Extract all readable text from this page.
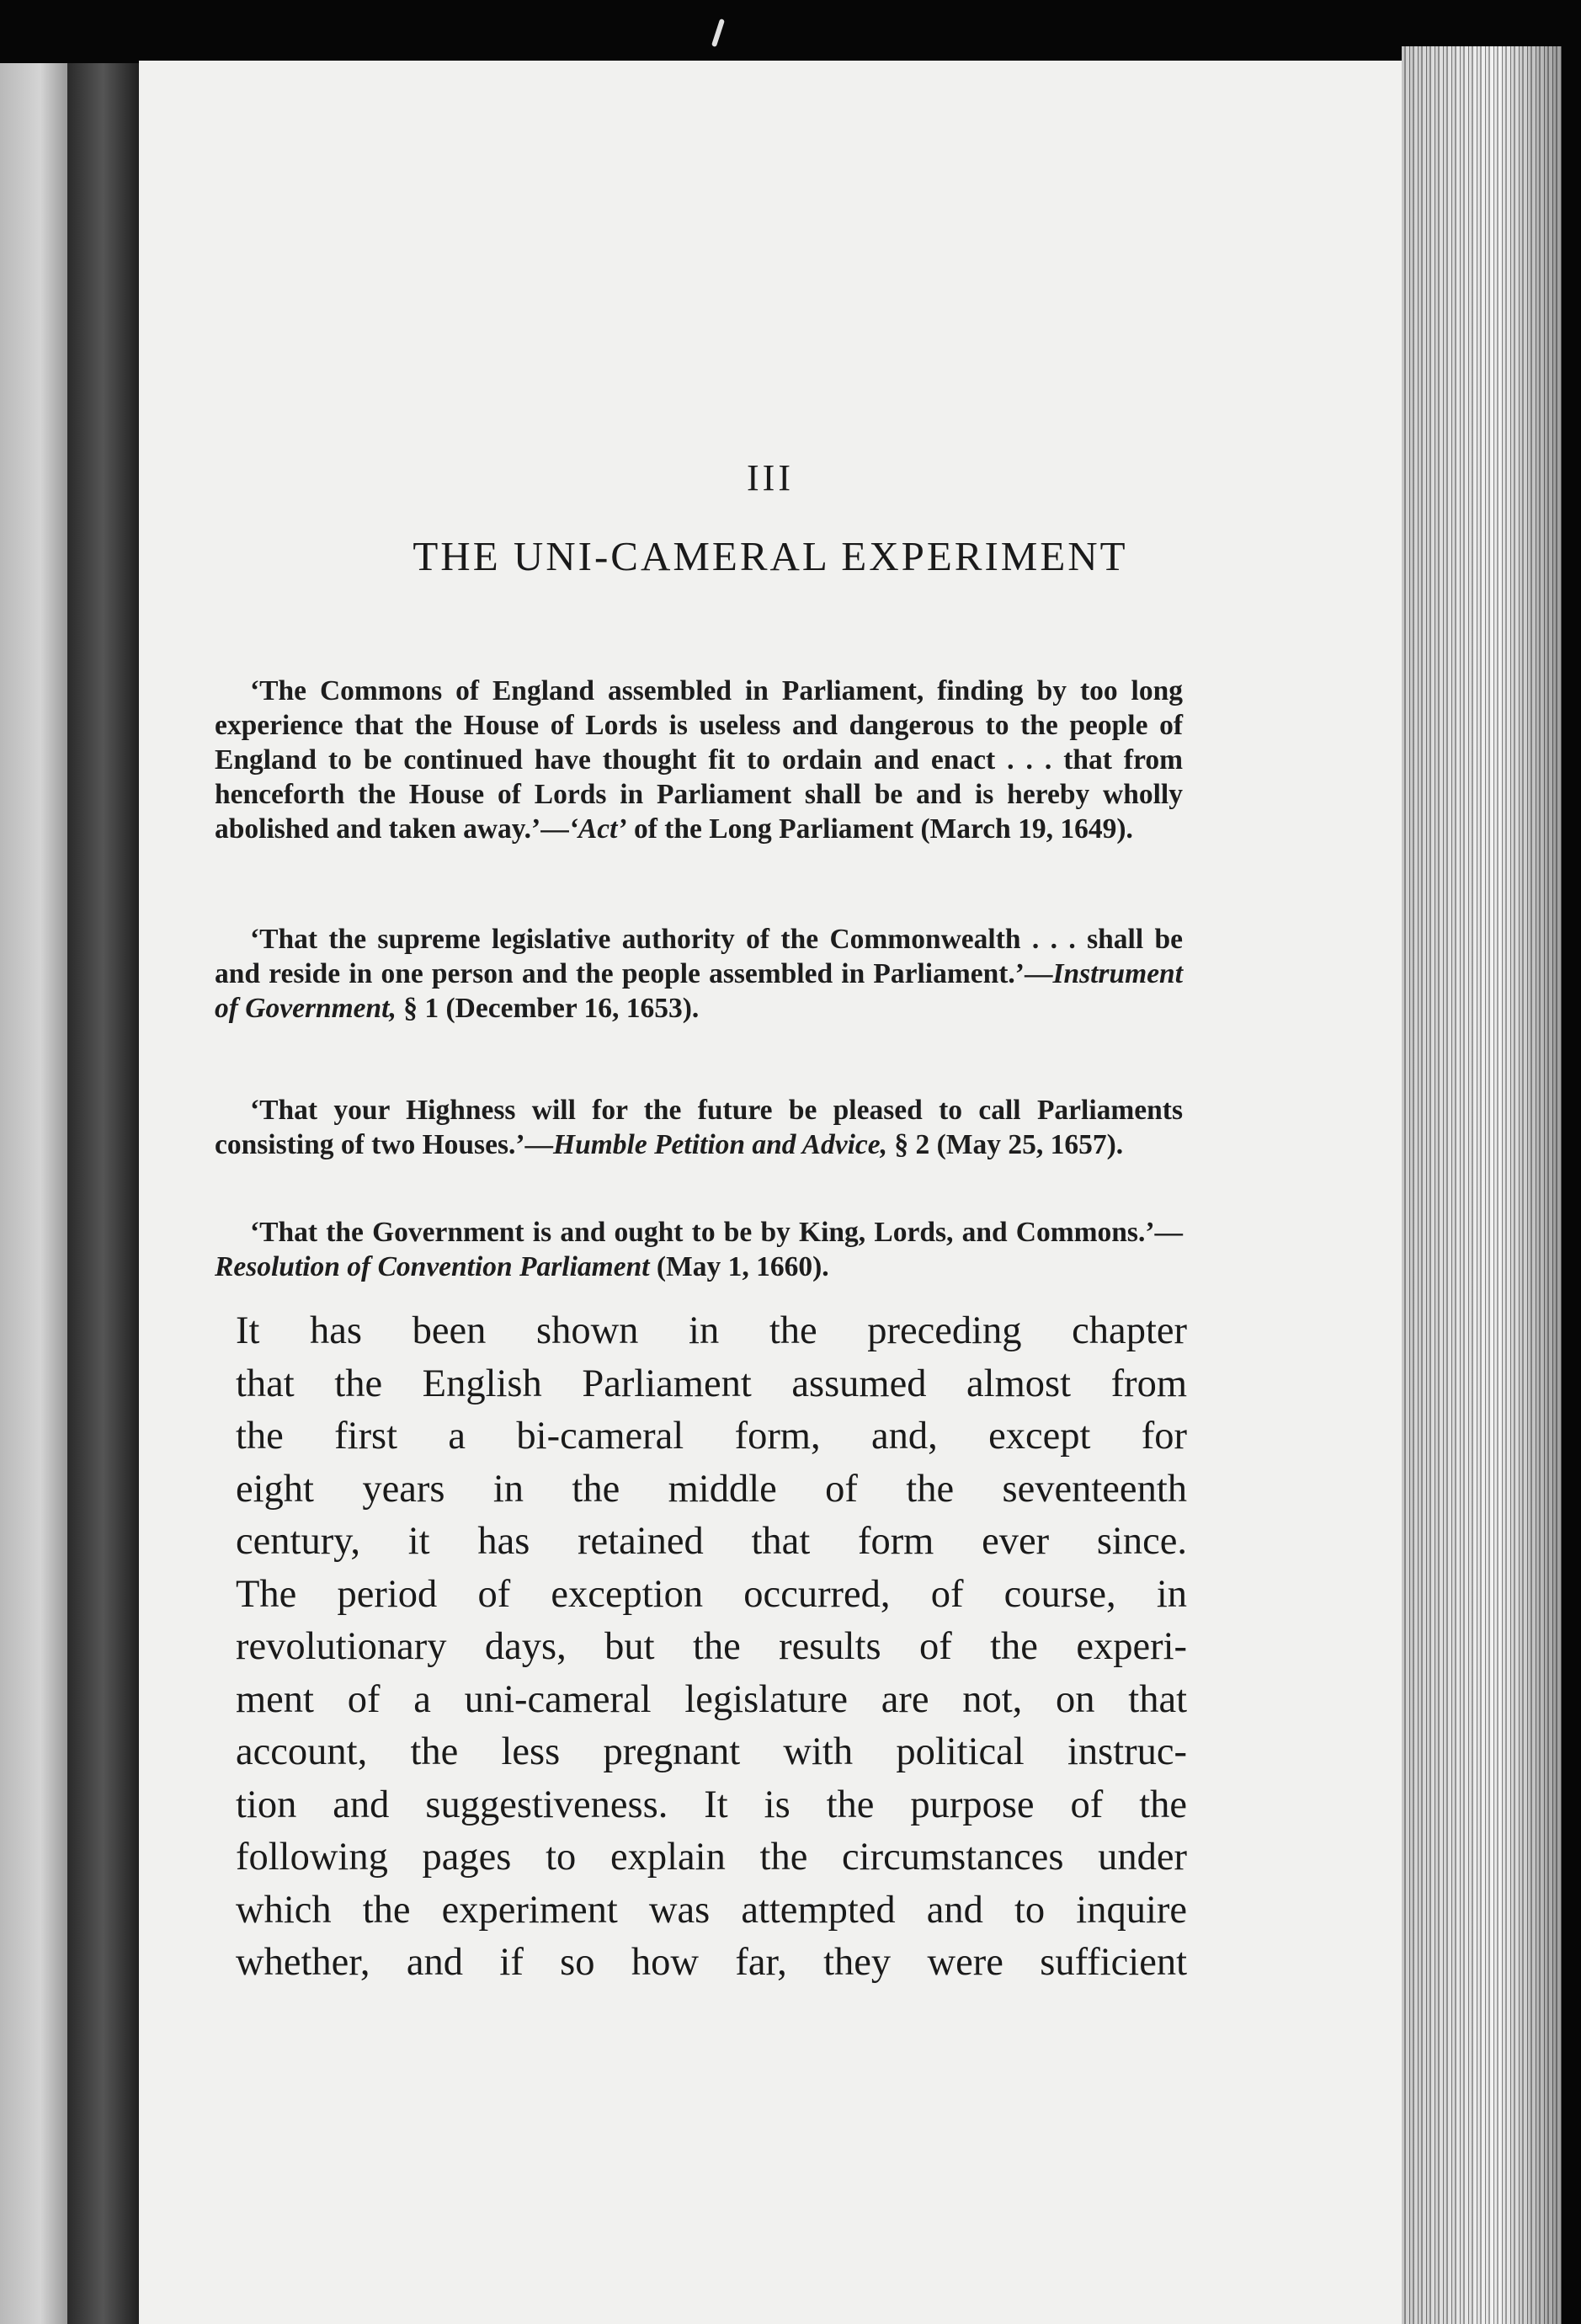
III
THE UNI-CAMERAL EXPERIMENT
‘The Commons of England assembled in Parliament, finding by too long experience that the House of Lords is useless and dangerous to the people of England to be continued have thought fit to ordain and enact . . . that from henceforth the House of Lords in Parliament shall be and is hereby wholly abolished and taken away.’—‘Act’ of the Long Parliament (March 19, 1649).
‘That the supreme legislative authority of the Commonwealth . . . shall be and reside in one person and the people assembled in Parliament.’—Instrument of Government, § 1 (December 16, 1653).
‘That your Highness will for the future be pleased to call Parliaments consisting of two Houses.’—Humble Petition and Advice, § 2 (May 25, 1657).
‘That the Government is and ought to be by King, Lords, and Commons.’—Resolution of Convention Parliament (May 1, 1660).
It has been shown in the preceding chapter
that the English Parliament assumed almost from
the first a bi-cameral form, and, except for
eight years in the middle of the seventeenth
century, it has retained that form ever since.
The period of exception occurred, of course, in
revolutionary days, but the results of the experi-
ment of a uni-cameral legislature are not, on that
account, the less pregnant with political instruc-
tion and suggestiveness. It is the purpose of the
following pages to explain the circumstances under
which the experiment was attempted and to inquire
whether, and if so how far, they were sufficient
